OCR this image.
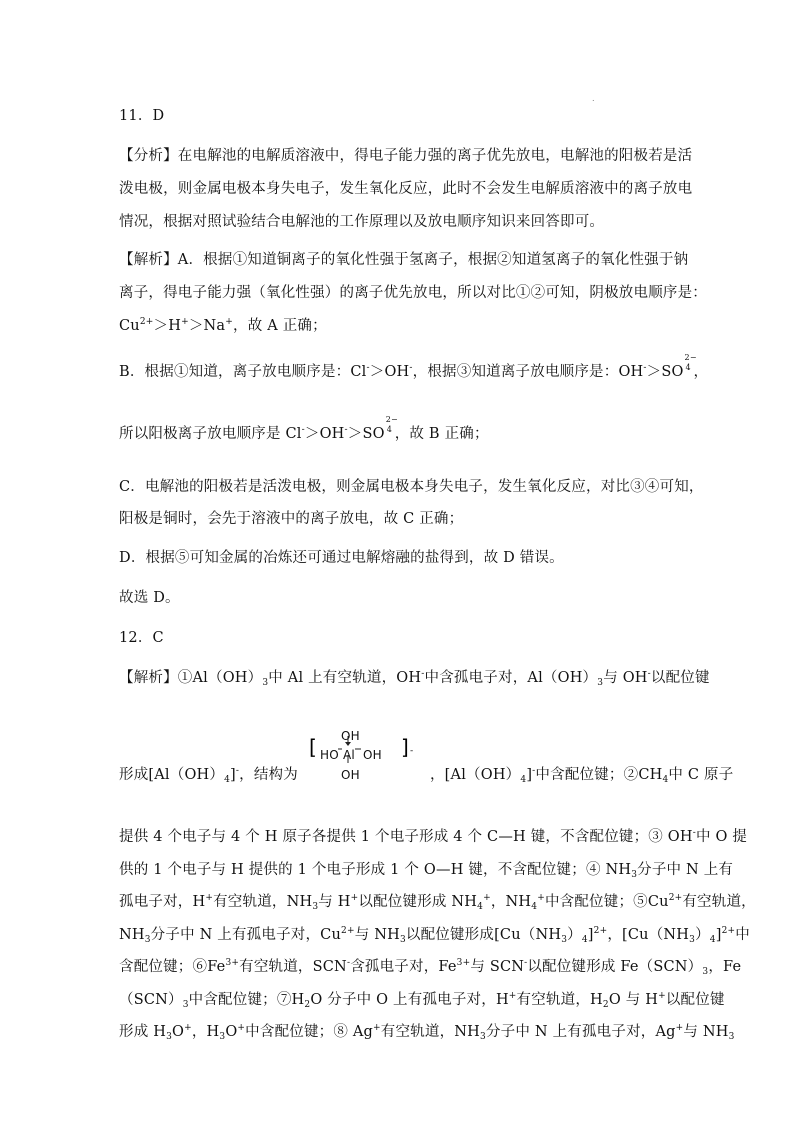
.
11．D
【分析】在电解池的电解质溶液中，得电子能力强的离子优先放电，电解池的阳极若是活
泼电极，则金属电极本身失电子，发生氧化反应，此时不会发生电解质溶液中的离子放电
情况，根据对照试验结合电解池的工作原理以及放电顺序知识来回答即可。
【解析】A．根据①知道铜离子的氧化性强于氢离子，根据②知道氢离子的氧化性强于钠
离子，得电子能力强（氧化性强）的离子优先放电，所以对比①②可知，阴极放电顺序是：
$Cu^{2+}>H^+>Na^+$，故 A 正确；
B．根据①知道，离子放电顺序是：Cl-＞OH-，根据③知道离子放电顺序是：OH-＞SO
2−
4 ，
所以阳极离子放电顺序是 Cl-＞OH-＞SO
2−
4 ，故 B 正确；
C．电解池的阳极若是活泼电极，则金属电极本身失电子，发生氧化反应，对比③④可知，
阳极是铜时，会先于溶液中的离子放电，故 C 正确；
D．根据⑤可知金属的冶炼还可通过电解熔融的盐得到，故 D 错误。
故选 D。
12．C
【解析】$①Al(OH)_3$中 Al 上有空轨道，OH-中含孤电子对，$Al(OH)_3$与 OH-以配位键
形成$[Al(OH)_4]^-$，结构为
[	]
OH
HO Al OH	-
OH	，$[Al(OH)_4]^-$中含配位键；$②CH_4$中 C 原子
提供 4 个电子与 4 个 H 原子各提供 1 个电子形成 4 个 C—H 键，不含配位键；③ OH-中 O 提
供的 1 个电子与 H 提供的 1 个电子形成 1 个 O—H 键，不含配位键；④ $NH_3$分子中 N 上有
孤电子对，H+有空轨道，$NH_3$与 H+以配位键形成 $NH_4^+$，$NH_4^+$中含配位键；$⑤Cu^{2+}$有空轨道，
$NH_3$分子中 N 上有孤电子对，$Cu^{2+}$与 $NH_3$以配位键形成$[Cu(NH_3)_4]^{2+}$，$[Cu(NH_3)_4]^{2+}$中
含配位键；$⑥Fe^{3+}$有空轨道，SCN-含孤电子对，$Fe^{3+}$与 SCN-以配位键形成 $Fe(SCN)_3$，Fe
$(SCN)_3$中含配位键；$⑦H_2O$ 分子中 O 上有孤电子对，H+有空轨道，$H_2O$ 与 H+以配位键
形成 $H_3O^+$，$H_3O^+$中含配位键；⑧ Ag+有空轨道，$NH_3$分子中 N 上有孤电子对，Ag+与 $NH_3$
